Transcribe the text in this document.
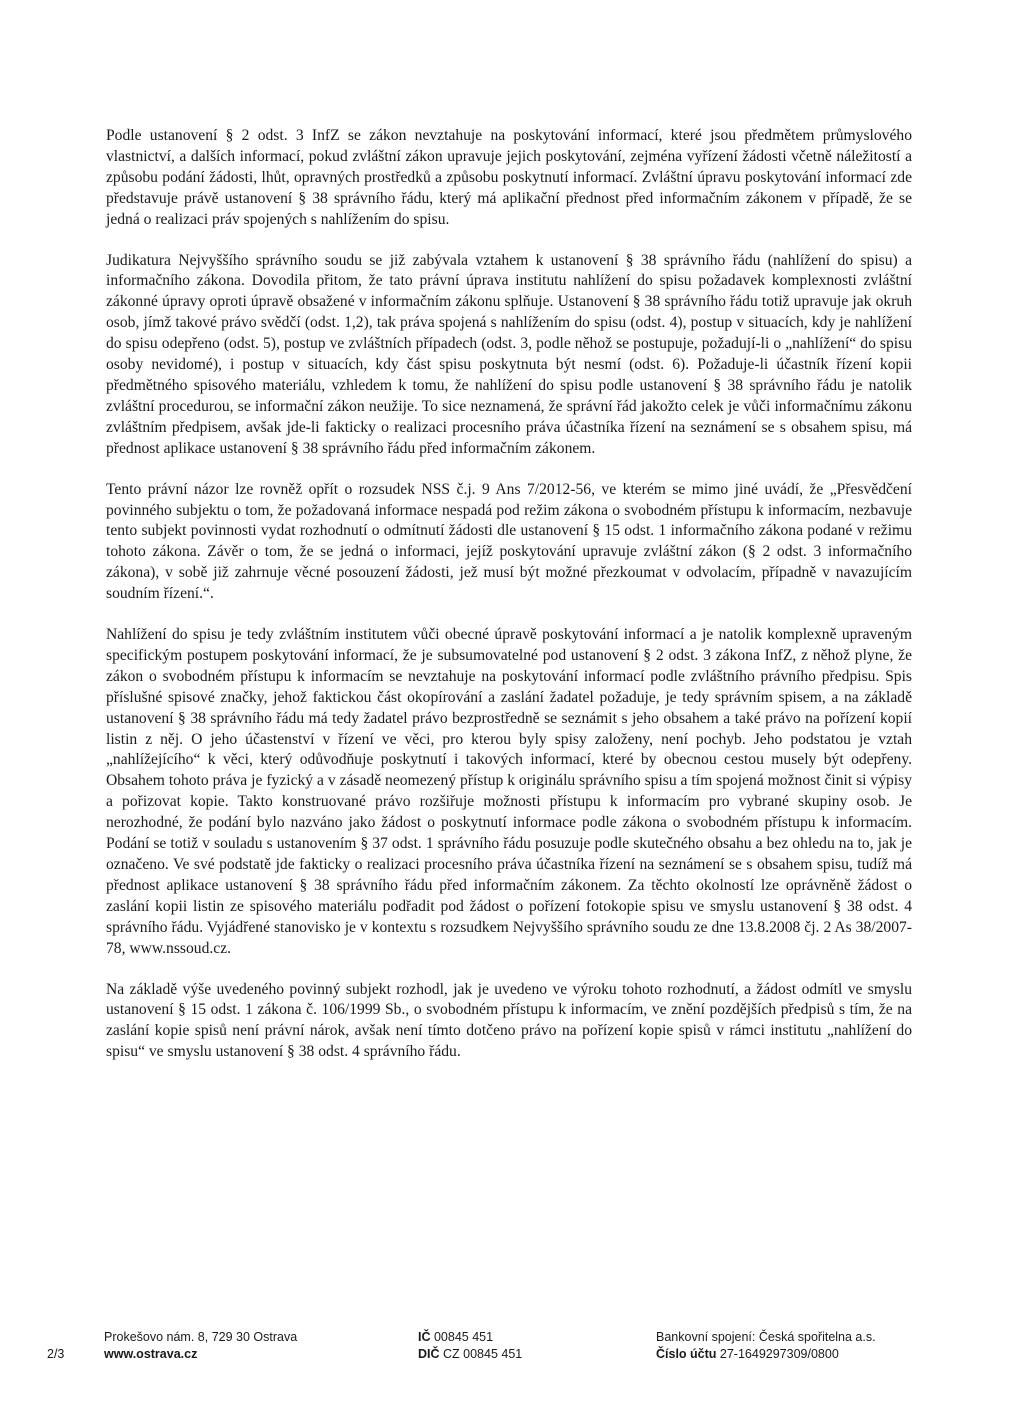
Podle ustanovení § 2 odst. 3 InfZ se zákon nevztahuje na poskytování informací, které jsou předmětem průmyslového vlastnictví, a dalších informací, pokud zvláštní zákon upravuje jejich poskytování, zejména vyřízení žádosti včetně náležitostí a způsobu podání žádosti, lhůt, opravných prostředků a způsobu poskytnutí informací. Zvláštní úpravu poskytování informací zde představuje právě ustanovení § 38 správního řádu, který má aplikační přednost před informačním zákonem v případě, že se jedná o realizaci práv spojených s nahlížením do spisu.

Judikatura Nejvyššího správního soudu se již zabývala vztahem k ustanovení § 38 správního řádu (nahlížení do spisu) a informačního zákona. Dovodila přitom, že tato právní úprava institutu nahlížení do spisu požadavek komplexnosti zvláštní zákonné úpravy oproti úpravě obsažené v informačním zákonu splňuje. Ustanovení § 38 správního řádu totiž upravuje jak okruh osob, jímž takové právo svědčí (odst. 1,2), tak práva spojená s nahlížením do spisu (odst. 4), postup v situacích, kdy je nahlížení do spisu odepřeno (odst. 5), postup ve zvláštních případech (odst. 3, podle něhož se postupuje, požadují-li o „nahlížení“ do spisu osoby nevidomé), i postup v situacích, kdy část spisu poskytnuta být nesmí (odst. 6). Požaduje-li účastník řízení kopii předmětného spisového materiálu, vzhledem k tomu, že nahlížení do spisu podle ustanovení § 38 správního řádu je natolik zvláštní procedurou, se informační zákon neužije. To sice neznamená, že správní řád jakožto celek je vůči informačnímu zákonu zvláštním předpisem, avšak jde-li fakticky o realizaci procesního práva účastníka řízení na seznámení se s obsahem spisu, má přednost aplikace ustanovení § 38 správního řádu před informačním zákonem.

Tento právní názor lze rovněž opřít o rozsudek NSS č.j. 9 Ans 7/2012-56, ve kterém se mimo jiné uvádí, že „Přesvědčení povinného subjektu o tom, že požadovaná informace nespadá pod režim zákona o svobodném přístupu k informacím, nezbavuje tento subjekt povinnosti vydat rozhodnutí o odmítnutí žádosti dle ustanovení § 15 odst. 1 informačního zákona podané v režimu tohoto zákona. Závěr o tom, že se jedná o informaci, jejíž poskytování upravuje zvláštní zákon (§ 2 odst. 3 informačního zákona), v sobě již zahrnuje věcné posouzení žádosti, jež musí být možné přezkoumat v odvolacím, případně v navazujícím soudním řízení.“.

Nahlížení do spisu je tedy zvláštním institutem vůči obecné úpravě poskytování informací a je natolik komplexně upraveným specifickým postupem poskytování informací, že je subsumovatelné pod ustanovení § 2 odst. 3 zákona InfZ, z něhož plyne, že zákon o svobodném přístupu k informacím se nevztahuje na poskytování informací podle zvláštního právního předpisu. Spis příslušné spisové značky, jehož faktickou část okopírování a zaslání žadatel požaduje, je tedy správním spisem, a na základě ustanovení § 38 správního řádu má tedy žadatel právo bezprostředně se seznámit s jeho obsahem a také právo na pořízení kopií listin z něj. O jeho účastenství v řízení ve věci, pro kterou byly spisy založeny, není pochyb. Jeho podstatou je vztah „nahlížejícího“ k věci, který odůvodňuje poskytnutí i takových informací, které by obecnou cestou musely být odepřeny. Obsahem tohoto práva je fyzický a v zásadě neomezený přístup k originálu správního spisu a tím spojená možnost činit si výpisy a pořizovat kopie. Takto konstruované právo rozšiřuje možnosti přístupu k informacím pro vybrané skupiny osob. Je nerozhodné, že podání bylo nazváno jako žádost o poskytnutí informace podle zákona o svobodném přístupu k informacím. Podání se totiž v souladu s ustanovením § 37 odst. 1 správního řádu posuzuje podle skutečného obsahu a bez ohledu na to, jak je označeno. Ve své podstatě jde fakticky o realizaci procesního práva účastníka řízení na seznámení se s obsahem spisu, tudíž má přednost aplikace ustanovení § 38 správního řádu před informačním zákonem. Za těchto okolností lze oprávněně žádost o zaslání kopii listin ze spisového materiálu podřadit pod žádost o pořízení fotokopie spisu ve smyslu ustanovení § 38 odst. 4 správního řádu. Vyjádřené stanovisko je v kontextu s rozsudkem Nejvyššího správního soudu ze dne 13.8.2008 čj. 2 As 38/2007-78, www.nssoud.cz.

Na základě výše uvedeného povinný subjekt rozhodl, jak je uvedeno ve výroku tohoto rozhodnutí, a žádost odmítl ve smyslu ustanovení § 15 odst. 1 zákona č. 106/1999 Sb., o svobodném přístupu k informacím, ve znění pozdějších předpisů s tím, že na zaslání kopie spisů není právní nárok, avšak není tímto dotčeno právo na pořízení kopie spisů v rámci institutu „nahlížení do spisu“ ve smyslu ustanovení § 38 odst. 4 správního řádu.

2/3
Prokešovo nám. 8, 729 30 Ostrava
www.ostrava.cz
IČ 00845 451
DIČ CZ 00845 451
Bankovní spojení: Česká spořitelna a.s.
Číslo účtu 27-1649297309/0800
